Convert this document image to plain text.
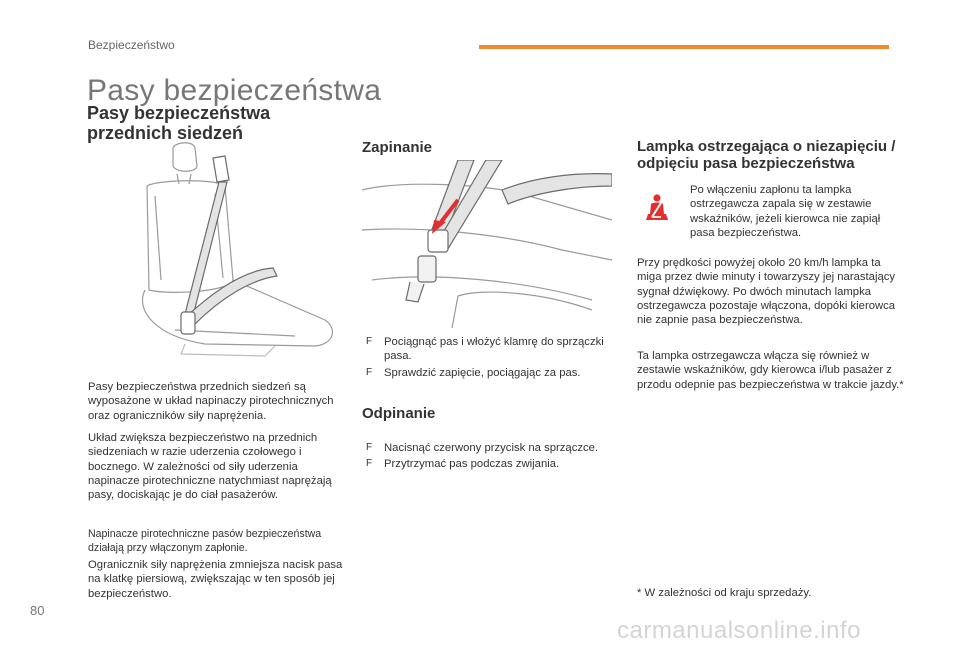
Bezpieczeństwo
Pasy bezpieczeństwa
Pasy bezpieczeństwa przednich siedzeń
Pasy bezpieczeństwa przednich siedzeń są wyposażone w układ napinaczy pirotechnicznych oraz ograniczników siły naprężenia.
Układ zwiększa bezpieczeństwo na przednich siedzeniach w razie uderzenia czołowego i bocznego. W zależności od siły uderzenia napinacze pirotechniczne natychmiast naprężają pasy, dociskając je do ciał pasażerów.
Napinacze pirotechniczne pasów bezpieczeństwa działają przy włączonym zapłonie.
Ogranicznik siły naprężenia zmniejsza nacisk pasa na klatkę piersiową, zwiększając w ten sposób jej bezpieczeństwo.
Zapinanie
F Pociągnąć pas i włożyć klamrę do sprzączki pasa.
F Sprawdzić zapięcie, pociągając za pas.
Odpinanie
F Nacisnąć czerwony przycisk na sprzączce.
F Przytrzymać pas podczas zwijania.
Lampka ostrzegająca o niezapięciu / odpięciu pasa bezpieczeństwa
Po włączeniu zapłonu ta lampka ostrzegawcza zapala się w zestawie wskaźników, jeżeli kierowca nie zapiął pasa bezpieczeństwa.
Przy prędkości powyżej około 20 km/h lampka ta miga przez dwie minuty i towarzyszy jej narastający sygnał dźwiękowy. Po dwóch minutach lampka ostrzegawcza pozostaje włączona, dopóki kierowca nie zapnie pasa bezpieczeństwa.
Ta lampka ostrzegawcza włącza się również w zestawie wskaźników, gdy kierowca i/lub pasażer z przodu odepnie pas bezpieczeństwa w trakcie jazdy.*
* W zależności od kraju sprzedaży.
80
carmanualsonline.info
